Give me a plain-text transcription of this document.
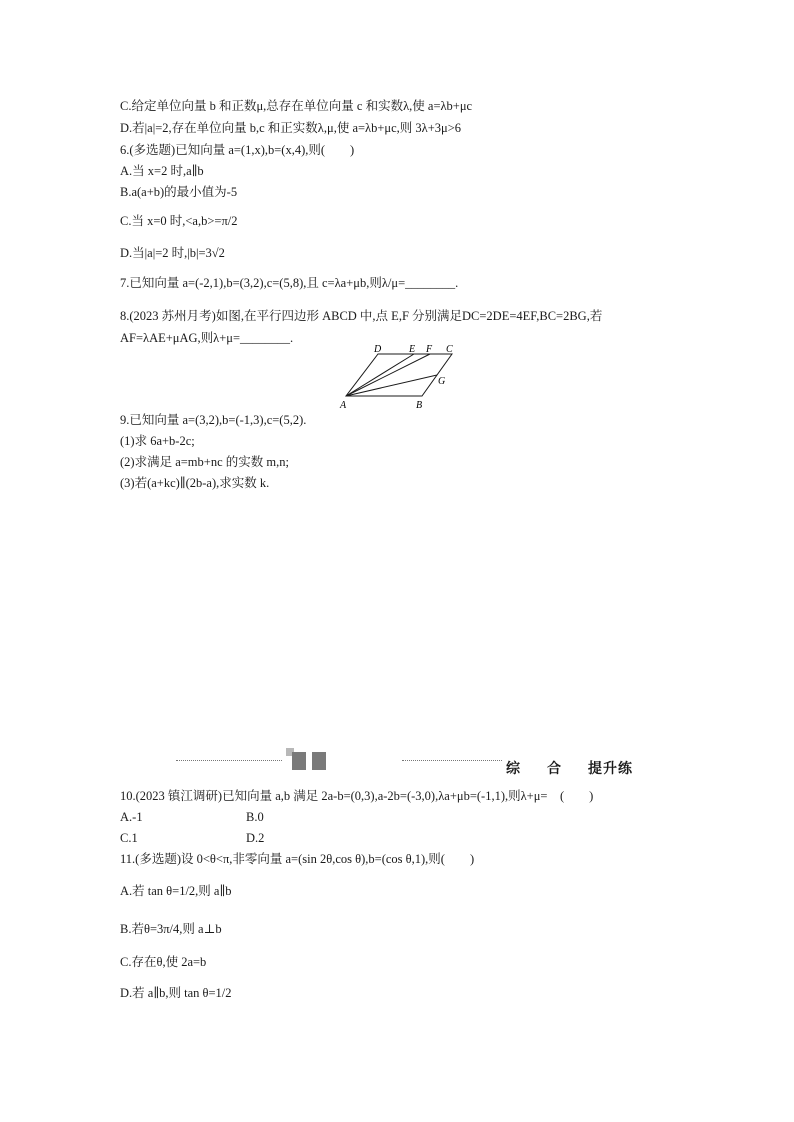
C.给定单位向量 b 和正数μ,总存在单位向量 c 和实数λ,使 a=λb+μc
D.若|a|=2,存在单位向量 b,c 和正实数λ,μ,使 a=λb+μc,则 3λ+3μ>6
6.(多选题)已知向量 a=(1,x),b=(x,4),则(　　)
A.当 x=2 时,a∥b
B.a(a+b)的最小值为-5
C.当 x=0 时,<a,b>=π/2
D.当|a|=2 时,|b|=3√2
7.已知向量 a=(-2,1),b=(3,2),c=(5,8),且 c=λa+μb,则λ/μ=________.
8.(2023 苏州月考)如图,在平行四边形 ABCD 中,点 E,F 分别满足DC=2DE=4EF,BC=2BG,若
AF=λAE+μAG,则λ+μ=________.
D	E F C
G
A	B
9.已知向量 a=(3,2),b=(-1,3),c=(5,2).
(1)求 6a+b-2c;
(2)求满足 a=mb+nc 的实数 m,n;
(3)若(a+kc)∥(2b-a),求实数 k.
综 合 提升练
10.(2023 镇江调研)已知向量 a,b 满足 2a-b=(0,3),a-2b=(-3,0),λa+μb=(-1,1),则λ+μ=　(　　)
A.-1	B.0
C.1	D.2
11.(多选题)设 0<θ<π,非零向量 a=(sin 2θ,cos θ),b=(cos θ,1),则(　　)
A.若 tan θ=1/2,则 a∥b
B.若θ=3π/4,则 a⊥b
C.存在θ,使 2a=b
D.若 a∥b,则 tan θ=1/2
